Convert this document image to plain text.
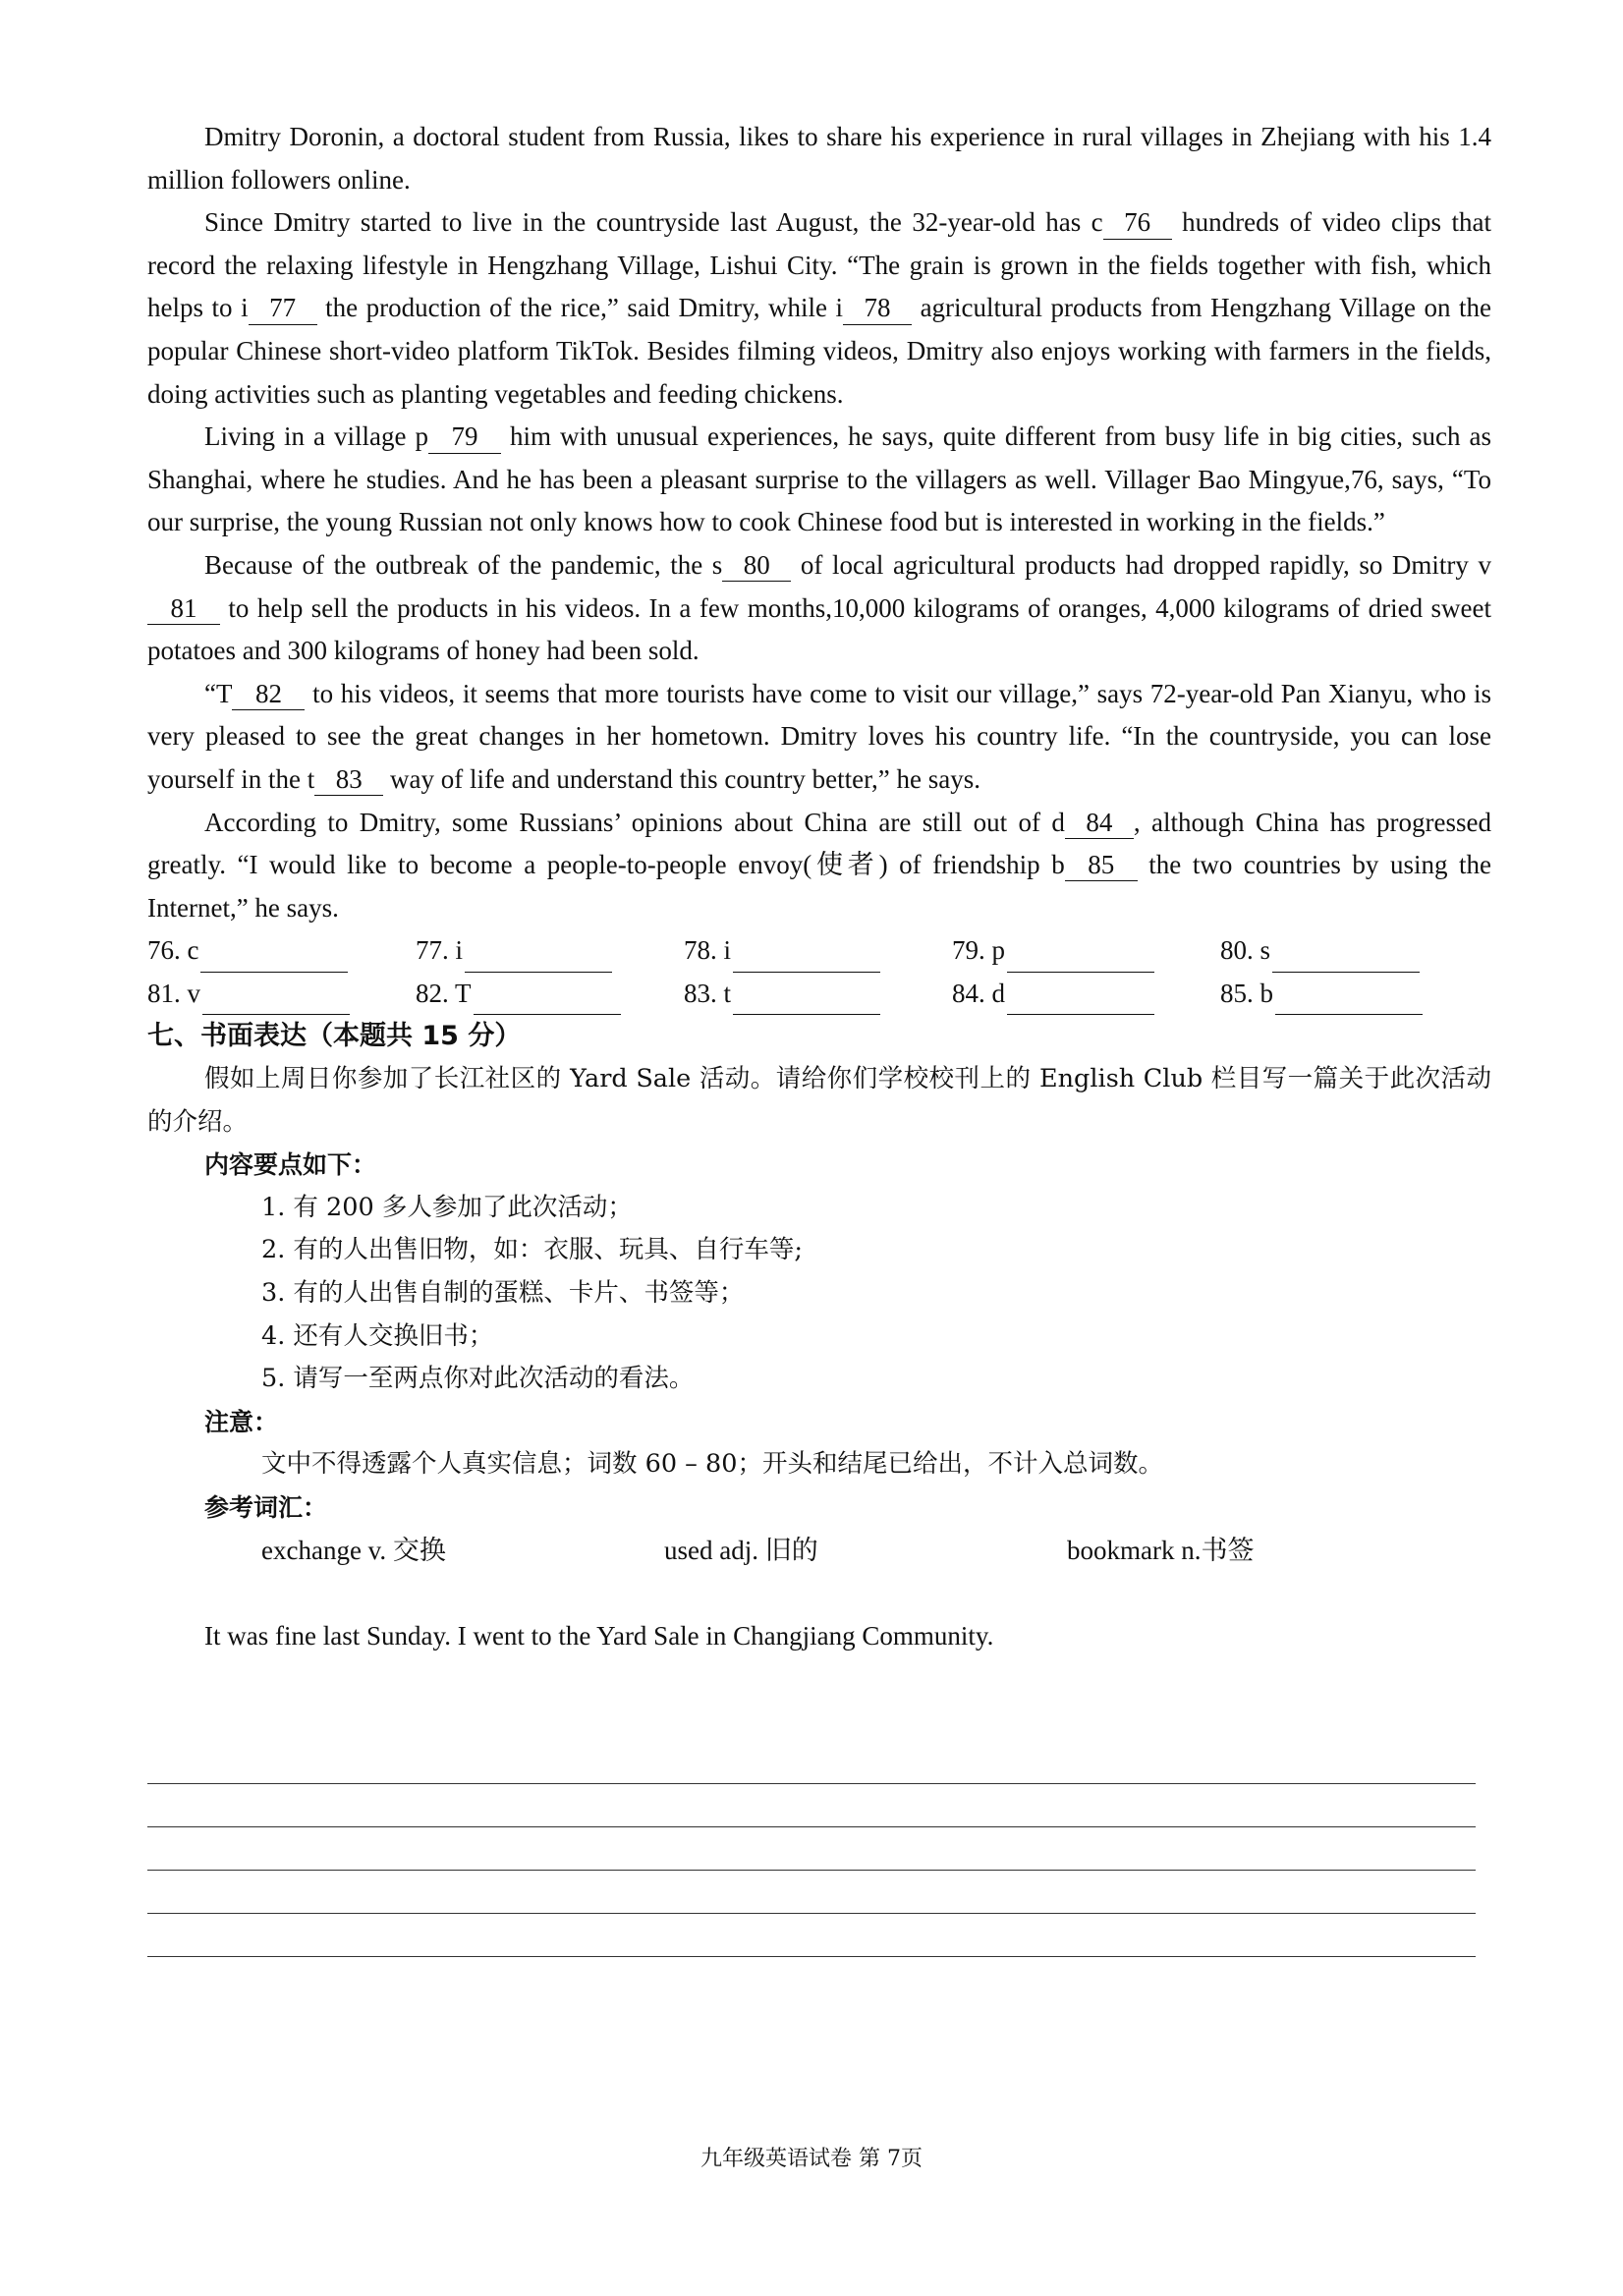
Dmitry Doronin, a doctoral student from Russia, likes to share his experience in rural villages in Zhejiang with his 1.4 million followers online.

Since Dmitry started to live in the countryside last August, the 32-year-old has c 76 hundreds of video clips that record the relaxing lifestyle in Hengzhang Village, Lishui City. “The grain is grown in the fields together with fish, which helps to i 77 the production of the rice,” said Dmitry, while i 78 agricultural products from Hengzhang Village on the popular Chinese short-video platform TikTok. Besides filming videos, Dmitry also enjoys working with farmers in the fields, doing activities such as planting vegetables and feeding chickens.

Living in a village p 79 him with unusual experiences, he says, quite different from busy life in big cities, such as Shanghai, where he studies. And he has been a pleasant surprise to the villagers as well. Villager Bao Mingyue,76, says, “To our surprise, the young Russian not only knows how to cook Chinese food but is interested in working in the fields.”

Because of the outbreak of the pandemic, the s 80 of local agricultural products had dropped rapidly, so Dmitry v81 to help sell the products in his videos. In a few months,10,000 kilograms of oranges, 4,000 kilograms of dried sweet potatoes and 300 kilograms of honey had been sold.

“T 82 to his videos, it seems that more tourists have come to visit our village,” says 72-year-old Pan Xianyu, who is very pleased to see the great changes in her hometown. Dmitry loves his country life. “In the countryside, you can lose yourself in the t 83 way of life and understand this country better,” he says.

According to Dmitry, some Russians’ opinions about China are still out of d 84 , although China has progressed greatly. “I would like to become a people-to-people envoy(使者) of friendship b 85 the two countries by using the Internet,” he says.

76. c	77. i	78. i	79. p	80. s
81. v	82. T	83. t	84. d	85. b

七、书面表达（本题共 15 分）

假如上周日你参加了长江社区的 Yard Sale 活动。请给你们学校校刊上的 English Club 栏目写一篇关于此次活动的介绍。

内容要点如下：

1. 有 200 多人参加了此次活动；

2. 有的人出售旧物，如：衣服、玩具、自行车等;

3. 有的人出售自制的蛋糕、卡片、书签等；

4. 还有人交换旧书；

5. 请写一至两点你对此次活动的看法。

注意：

文中不得透露个人真实信息；词数 60 – 80；开头和结尾已给出，不计入总词数。

参考词汇：

exchange v. 交换	used adj. 旧的	bookmark n.书签

It was fine last Sunday. I went to the Yard Sale in Changjiang Community.

九年级英语试卷 第 7页
